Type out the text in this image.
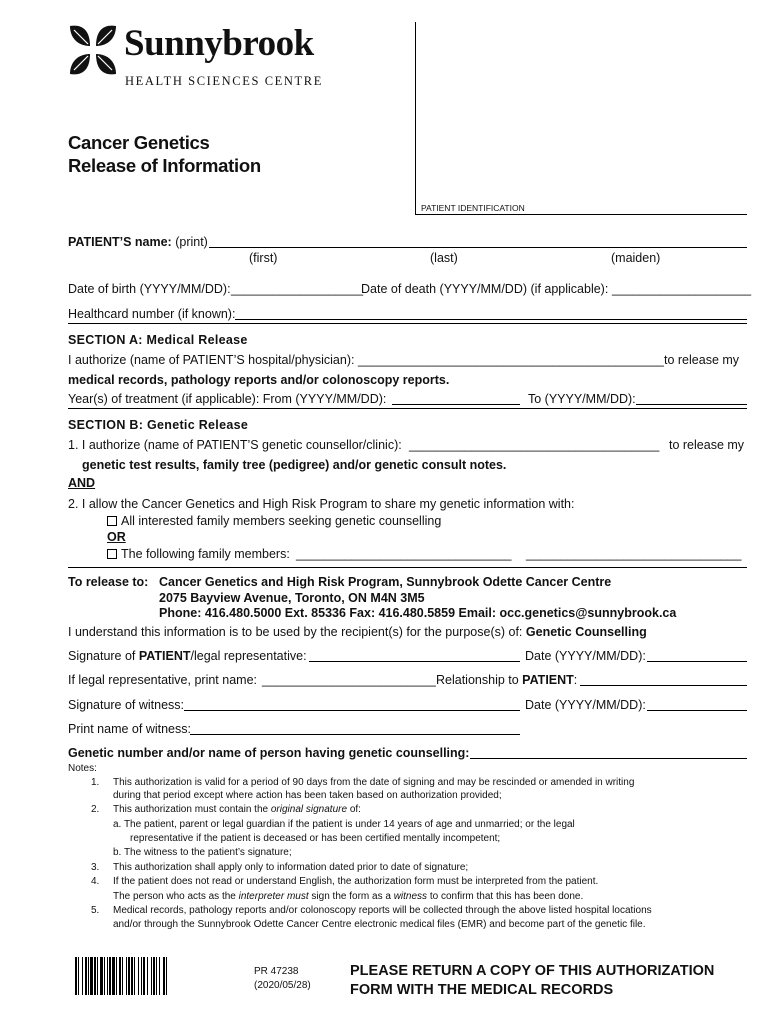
Sunnybrook
HEALTH SCIENCES CENTRE
Cancer Genetics
Release of Information
PATIENT IDENTIFICATION
PATIENT’S name: (print)
(first)	(last)	(maiden)
Date of birth (YYYY/MM/DD): ___________________
Date of death (YYYY/MM/DD) (if applicable): ____________________
Healthcard number (if known):
SECTION A: Medical Release
I authorize (name of PATIENT’S hospital/physician): ____________________________________________ to release my
medical records, pathology reports and/or colonoscopy reports.
Year(s) of treatment (if applicable): From (YYYY/MM/DD):	To (YYYY/MM/DD):
SECTION B: Genetic Release
1. I authorize (name of PATIENT’S genetic counsellor/clinic): ____________________________________ to release my
genetic test results, family tree (pedigree) and/or genetic consult notes.
AND
2. I allow the Cancer Genetics and High Risk Program to share my genetic information with:
All interested family members seeking genetic counselling
OR
The following family members: _______________________________ _______________________________
To release to: Cancer Genetics and High Risk Program, Sunnybrook Odette Cancer Centre
2075 Bayview Avenue, Toronto, ON M4N 3M5
Phone: 416.480.5000 Ext. 85336 Fax: 416.480.5859 Email: occ.genetics@sunnybrook.ca
I understand this information is to be used by the recipient(s) for the purpose(s) of: Genetic Counselling
Signature of PATIENT/legal representative:	Date (YYYY/MM/DD):
If legal representative, print name: _________________________ Relationship to PATIENT:
Signature of witness:	Date (YYYY/MM/DD):
Print name of witness:
Genetic number and/or name of person having genetic counselling:
Notes:
1. This authorization is valid for a period of 90 days from the date of signing and may be rescinded or amended in writing
during that period except where action has been taken based on authorization provided;
2. This authorization must contain the original signature of:
a. The patient, parent or legal guardian if the patient is under 14 years of age and unmarried; or the legal
representative if the patient is deceased or has been certified mentally incompetent;
b. The witness to the patient’s signature;
3. This authorization shall apply only to information dated prior to date of signature;
4. If the patient does not read or understand English, the authorization form must be interpreted from the patient.
The person who acts as the interpreter must sign the form as a witness to confirm that this has been done.
5. Medical records, pathology reports and/or colonoscopy reports will be collected through the above listed hospital locations
and/or through the Sunnybrook Odette Cancer Centre electronic medical files (EMR) and become part of the genetic file.
PR 47238
(2020/05/28)
PLEASE RETURN A COPY OF THIS AUTHORIZATION
FORM WITH THE MEDICAL RECORDS
